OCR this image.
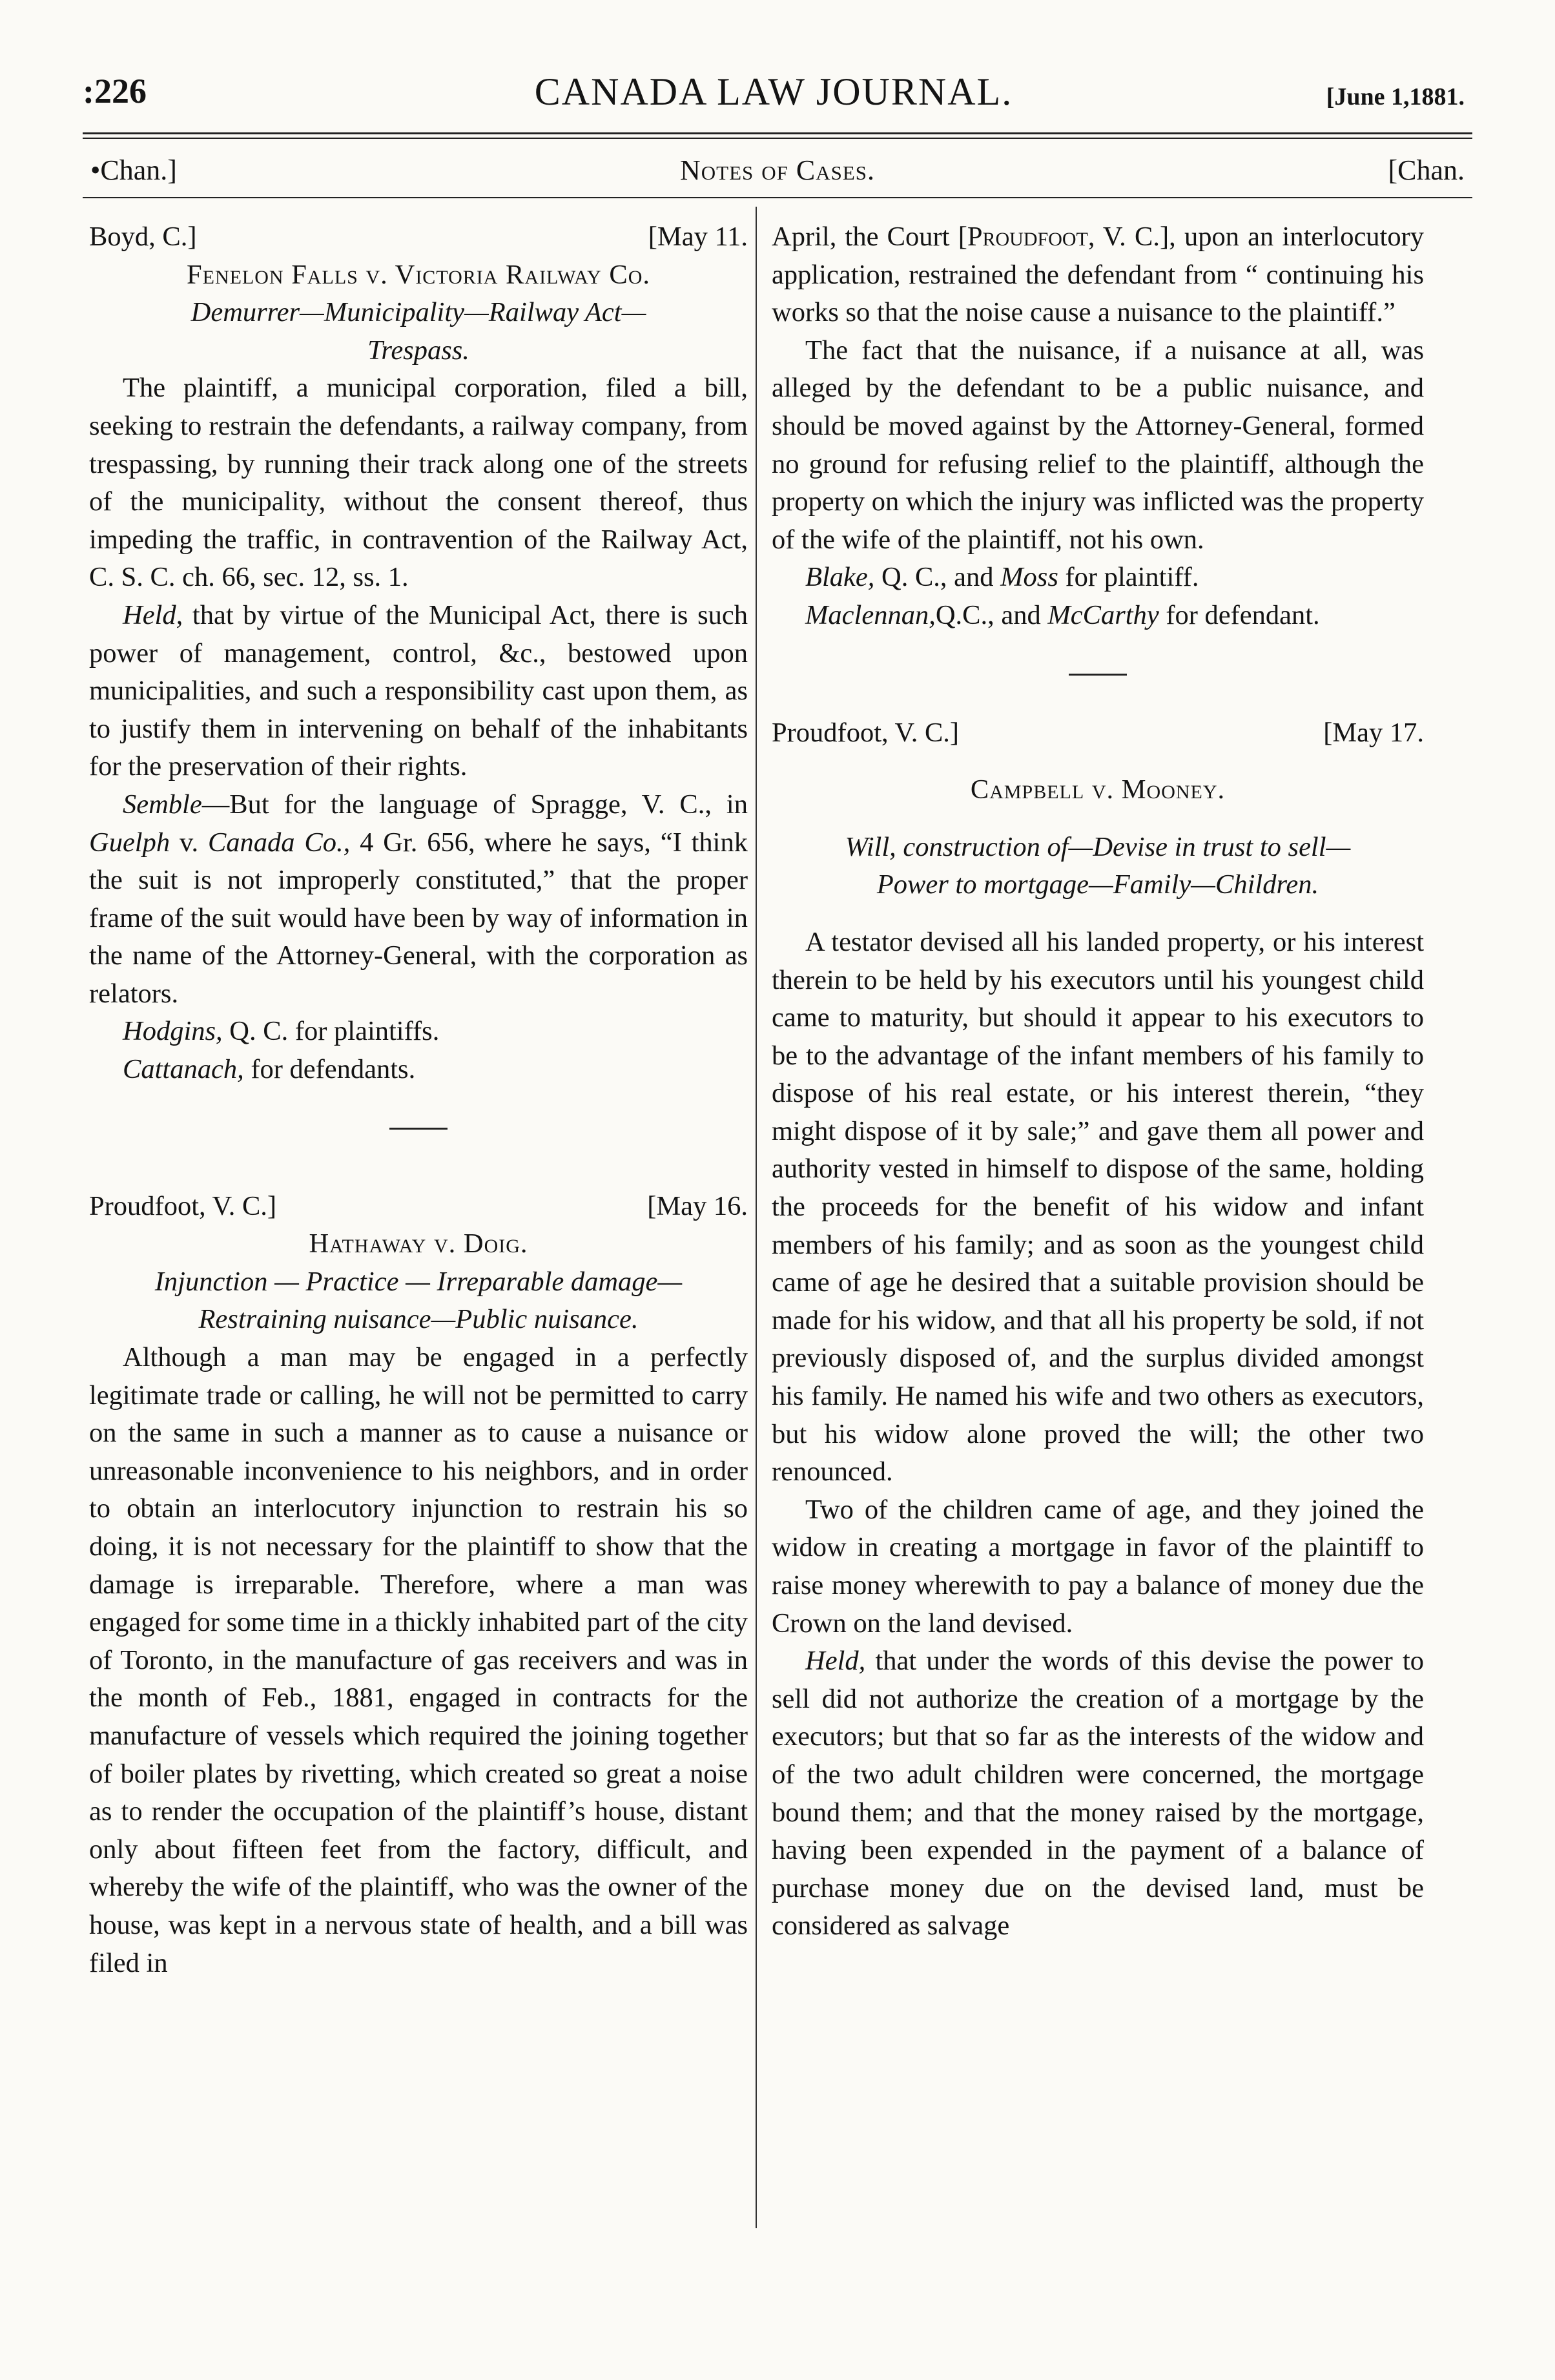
:226	CANADA LAW JOURNAL.	[June 1,1881.
•Chan.]	Notes of Cases.	[Chan.
Boyd, C.]	[May 11.
Fenelon Falls v. Victoria Railway Co.
Demurrer—Municipality—Railway Act—
Trespass.

The plaintiff, a municipal corporation, filed a bill, seeking to restrain the defendants, a railway company, from trespassing, by running their track along one of the streets of the municipality, without the consent thereof, thus impeding the traffic, in contravention of the Railway Act, C. S. C. ch. 66, sec. 12, ss. 1.

Held, that by virtue of the Municipal Act, there is such power of management, control, &c., bestowed upon municipalities, and such a responsibility cast upon them, as to justify them in intervening on behalf of the inhabitants for the preservation of their rights.

Semble—But for the language of Spragge, V. C., in Guelph v. Canada Co., 4 Gr. 656, where he says, “I think the suit is not improperly constituted,” that the proper frame of the suit would have been by way of information in the name of the Attorney-General, with the corporation as relators.

Hodgins, Q. C. for plaintiffs.
Cattanach, for defendants.
Proudfoot, V. C.]	[May 16.
Hathaway v. Doig.
Injunction — Practice — Irreparable damage—
Restraining nuisance—Public nuisance.

Although a man may be engaged in a perfectly legitimate trade or calling, he will not be permitted to carry on the same in such a manner as to cause a nuisance or unreasonable inconvenience to his neighbors, and in order to obtain an interlocutory injunction to restrain his so doing, it is not necessary for the plaintiff to show that the damage is irreparable. Therefore, where a man was engaged for some time in a thickly inhabited part of the city of Toronto, in the manufacture of gas receivers and was in the month of Feb., 1881, engaged in contracts for the manufacture of vessels which required the joining together of boiler plates by rivetting, which created so great a noise as to render the occupation of the plaintiff’s house, distant only about fifteen feet from the factory, difficult, and whereby the wife of the plaintiff, who was the owner of the house, was kept in a nervous state of health, and a bill was filed in

April, the Court [Proudfoot, V. C.], upon an interlocutory application, restrained the defendant from “ continuing his works so that the noise cause a nuisance to the plaintiff.”

The fact that the nuisance, if a nuisance at all, was alleged by the defendant to be a public nuisance, and should be moved against by the Attorney-General, formed no ground for refusing relief to the plaintiff, although the property on which the injury was inflicted was the property of the wife of the plaintiff, not his own.

Blake, Q. C., and Moss for plaintiff.
Maclennan,Q.C., and McCarthy for defendant.
Proudfoot, V. C.]	[May 17.
Campbell v. Mooney.
Will, construction of—Devise in trust to sell—
Power to mortgage—Family—Children.

A testator devised all his landed property, or his interest therein to be held by his executors until his youngest child came to maturity, but should it appear to his executors to be to the advantage of the infant members of his family to dispose of his real estate, or his interest therein, “they might dispose of it by sale;” and gave them all power and authority vested in himself to dispose of the same, holding the proceeds for the benefit of his widow and infant members of his family; and as soon as the youngest child came of age he desired that a suitable provision should be made for his widow, and that all his property be sold, if not previously disposed of, and the surplus divided amongst his family. He named his wife and two others as executors, but his widow alone proved the will; the other two renounced.

Two of the children came of age, and they joined the widow in creating a mortgage in favor of the plaintiff to raise money wherewith to pay a balance of money due the Crown on the land devised.

Held, that under the words of this devise the power to sell did not authorize the creation of a mortgage by the executors; but that so far as the interests of the widow and of the two adult children were concerned, the mortgage bound them; and that the money raised by the mortgage, having been expended in the payment of a balance of purchase money due on the devised land, must be considered as salvage
